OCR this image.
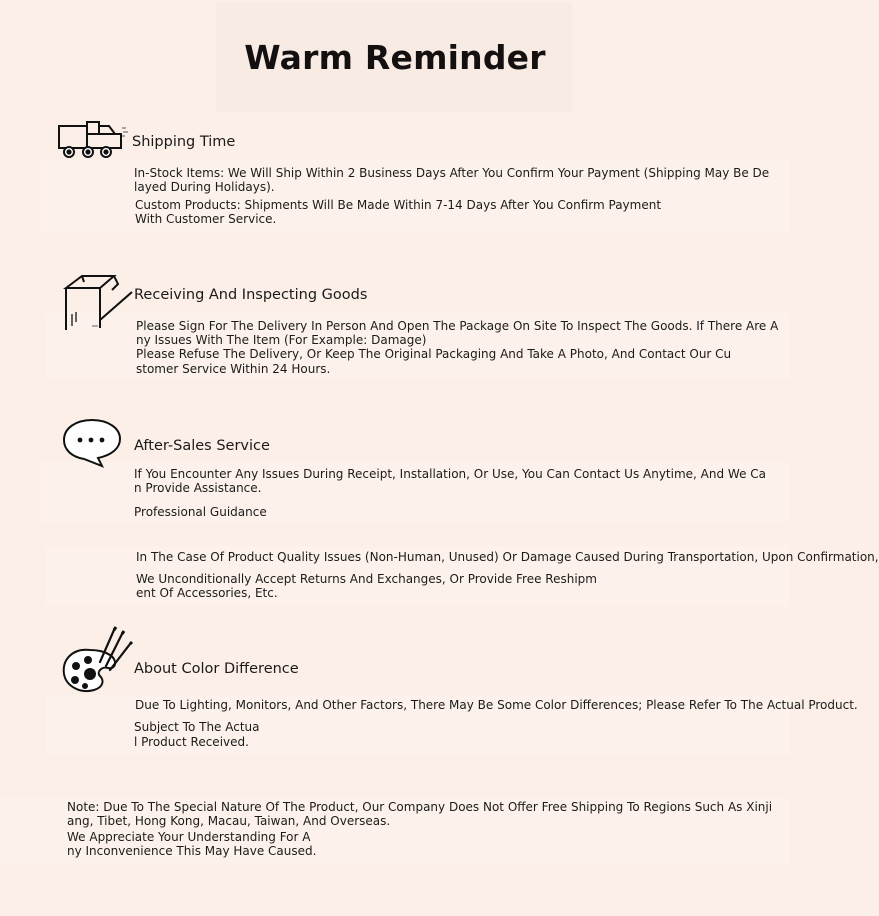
Warm Reminder
Shipping Time
In-Stock Items: We Will Ship Within 2 Business Days After You Confirm Your Payment (Shipping May Be De
layed During Holidays).
Custom Products: Shipments Will Be Made Within 7-14 Days After You Confirm Payment
With Customer Service.
Receiving And Inspecting Goods
Please Sign For The Delivery In Person And Open The Package On Site To Inspect The Goods. If There Are A
ny Issues With The Item (For Example: Damage)
Please Refuse The Delivery, Or Keep The Original Packaging And Take A Photo, And Contact Our Cu
stomer Service Within 24 Hours.
After-Sales Service
If You Encounter Any Issues During Receipt, Installation, Or Use, You Can Contact Us Anytime, And We Ca
n Provide Assistance.
Professional Guidance
In The Case Of Product Quality Issues (Non-Human, Unused) Or Damage Caused During Transportation, Upon Confirmation,
We Unconditionally Accept Returns And Exchanges, Or Provide Free Reshipm
ent Of Accessories, Etc.
About Color Difference
Due To Lighting, Monitors, And Other Factors, There May Be Some Color Differences; Please Refer To The Actual Product.
Subject To The Actua
l Product Received.
Note: Due To The Special Nature Of The Product, Our Company Does Not Offer Free Shipping To Regions Such As Xinji
ang, Tibet, Hong Kong, Macau, Taiwan, And Overseas.
We Appreciate Your Understanding For A
ny Inconvenience This May Have Caused.
